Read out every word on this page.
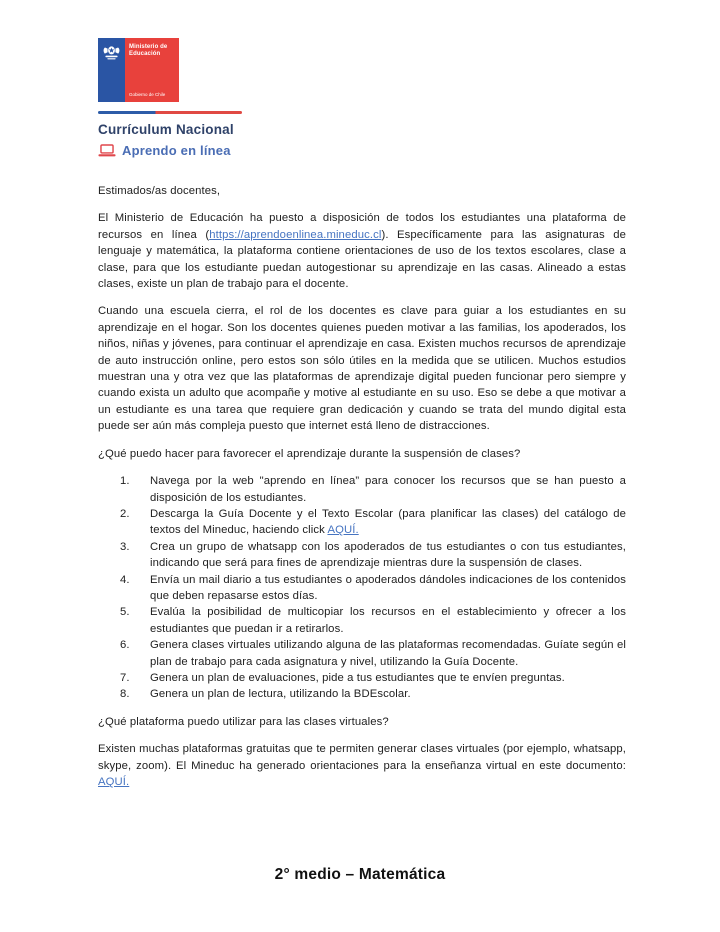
Ministerio de
Educación
Gobierno de Chile
Currículum Nacional
Aprendo en línea

Estimados/as docentes,

El Ministerio de Educación ha puesto a disposición de todos los estudiantes una plataforma de recursos en línea (https://aprendoenlinea.mineduc.cl). Específicamente para las asignaturas de lenguaje y matemática, la plataforma contiene orientaciones de uso de los textos escolares, clase a clase, para que los estudiante puedan autogestionar su aprendizaje en las casas. Alineado a estas clases, existe un plan de trabajo para el docente.

Cuando una escuela cierra, el rol de los docentes es clave para guiar a los estudiantes en su aprendizaje en el hogar. Son los docentes quienes pueden motivar a las familias, los apoderados, los niños, niñas y jóvenes, para continuar el aprendizaje en casa. Existen muchos recursos de aprendizaje de auto instrucción online, pero estos son sólo útiles en la medida que se utilicen. Muchos estudios muestran una y otra vez que las plataformas de aprendizaje digital pueden funcionar pero siempre y cuando exista un adulto que acompañe y motive al estudiante en su uso. Eso se debe a que motivar a un estudiante es una tarea que requiere gran dedicación y cuando se trata del mundo digital esta puede ser aún más compleja puesto que internet está lleno de distracciones.

¿Qué puedo hacer para favorecer el aprendizaje durante la suspensión de clases?

1.	Navega por la web "aprendo en línea” para conocer los recursos que se han puesto a disposición de los estudiantes.
2.	Descarga la Guía Docente y el Texto Escolar (para planificar las clases) del catálogo de textos del Mineduc, haciendo click AQUÍ.
3.	Crea un grupo de whatsapp con los apoderados de tus estudiantes o con tus estudiantes, indicando que será para fines de aprendizaje mientras dure la suspensión de clases.
4.	Envía un mail diario a tus estudiantes o apoderados dándoles indicaciones de los contenidos que deben repasarse estos días.
5.	Evalúa la posibilidad de multicopiar los recursos en el establecimiento y ofrecer a los estudiantes que puedan ir a retirarlos.
6.	Genera clases virtuales utilizando alguna de las plataformas recomendadas. Guíate según el plan de trabajo para cada asignatura y nivel, utilizando la Guía Docente.
7.	Genera un plan de evaluaciones, pide a tus estudiantes que te envíen preguntas.
8.	Genera un plan de lectura, utilizando la BDEscolar.

¿Qué plataforma puedo utilizar para las clases virtuales?

Existen muchas plataformas gratuitas que te permiten generar clases virtuales (por ejemplo, whatsapp, skype, zoom). El Mineduc ha generado orientaciones para la enseñanza virtual en este documento: AQUÍ.

2° medio – Matemática
